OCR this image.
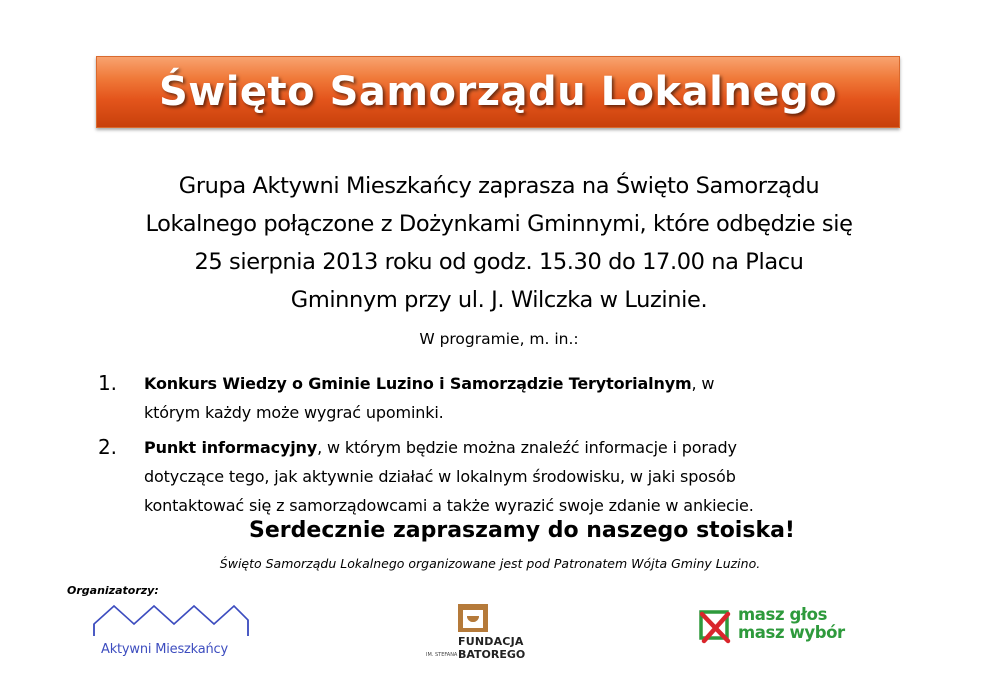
Święto Samorządu Lokalnego
Grupa Aktywni Mieszkańcy zaprasza na Święto Samorządu
Lokalnego połączone z Dożynkami Gminnymi, które odbędzie się
25 sierpnia 2013 roku od godz. 15.30 do 17.00 na Placu
Gminnym przy ul. J. Wilczka w Luzinie.
W programie, m. in.:
1. Konkurs Wiedzy o Gminie Luzino i Samorządzie Terytorialnym, w
którym każdy może wygrać upominki.
2. Punkt informacyjny, w którym będzie można znaleźć informacje i porady
dotyczące tego, jak aktywnie działać w lokalnym środowisku, w jaki sposób
kontaktować się z samorządowcami a także wyrazić swoje zdanie w ankiecie.
Serdecznie zapraszamy do naszego stoiska!
Święto Samorządu Lokalnego organizowane jest pod Patronatem Wójta Gminy Luzino.
Organizatorzy:
Aktywni Mieszkańcy
FUNDACJA
IM. STEFANA BATOREGO
masz głos
masz wybór
